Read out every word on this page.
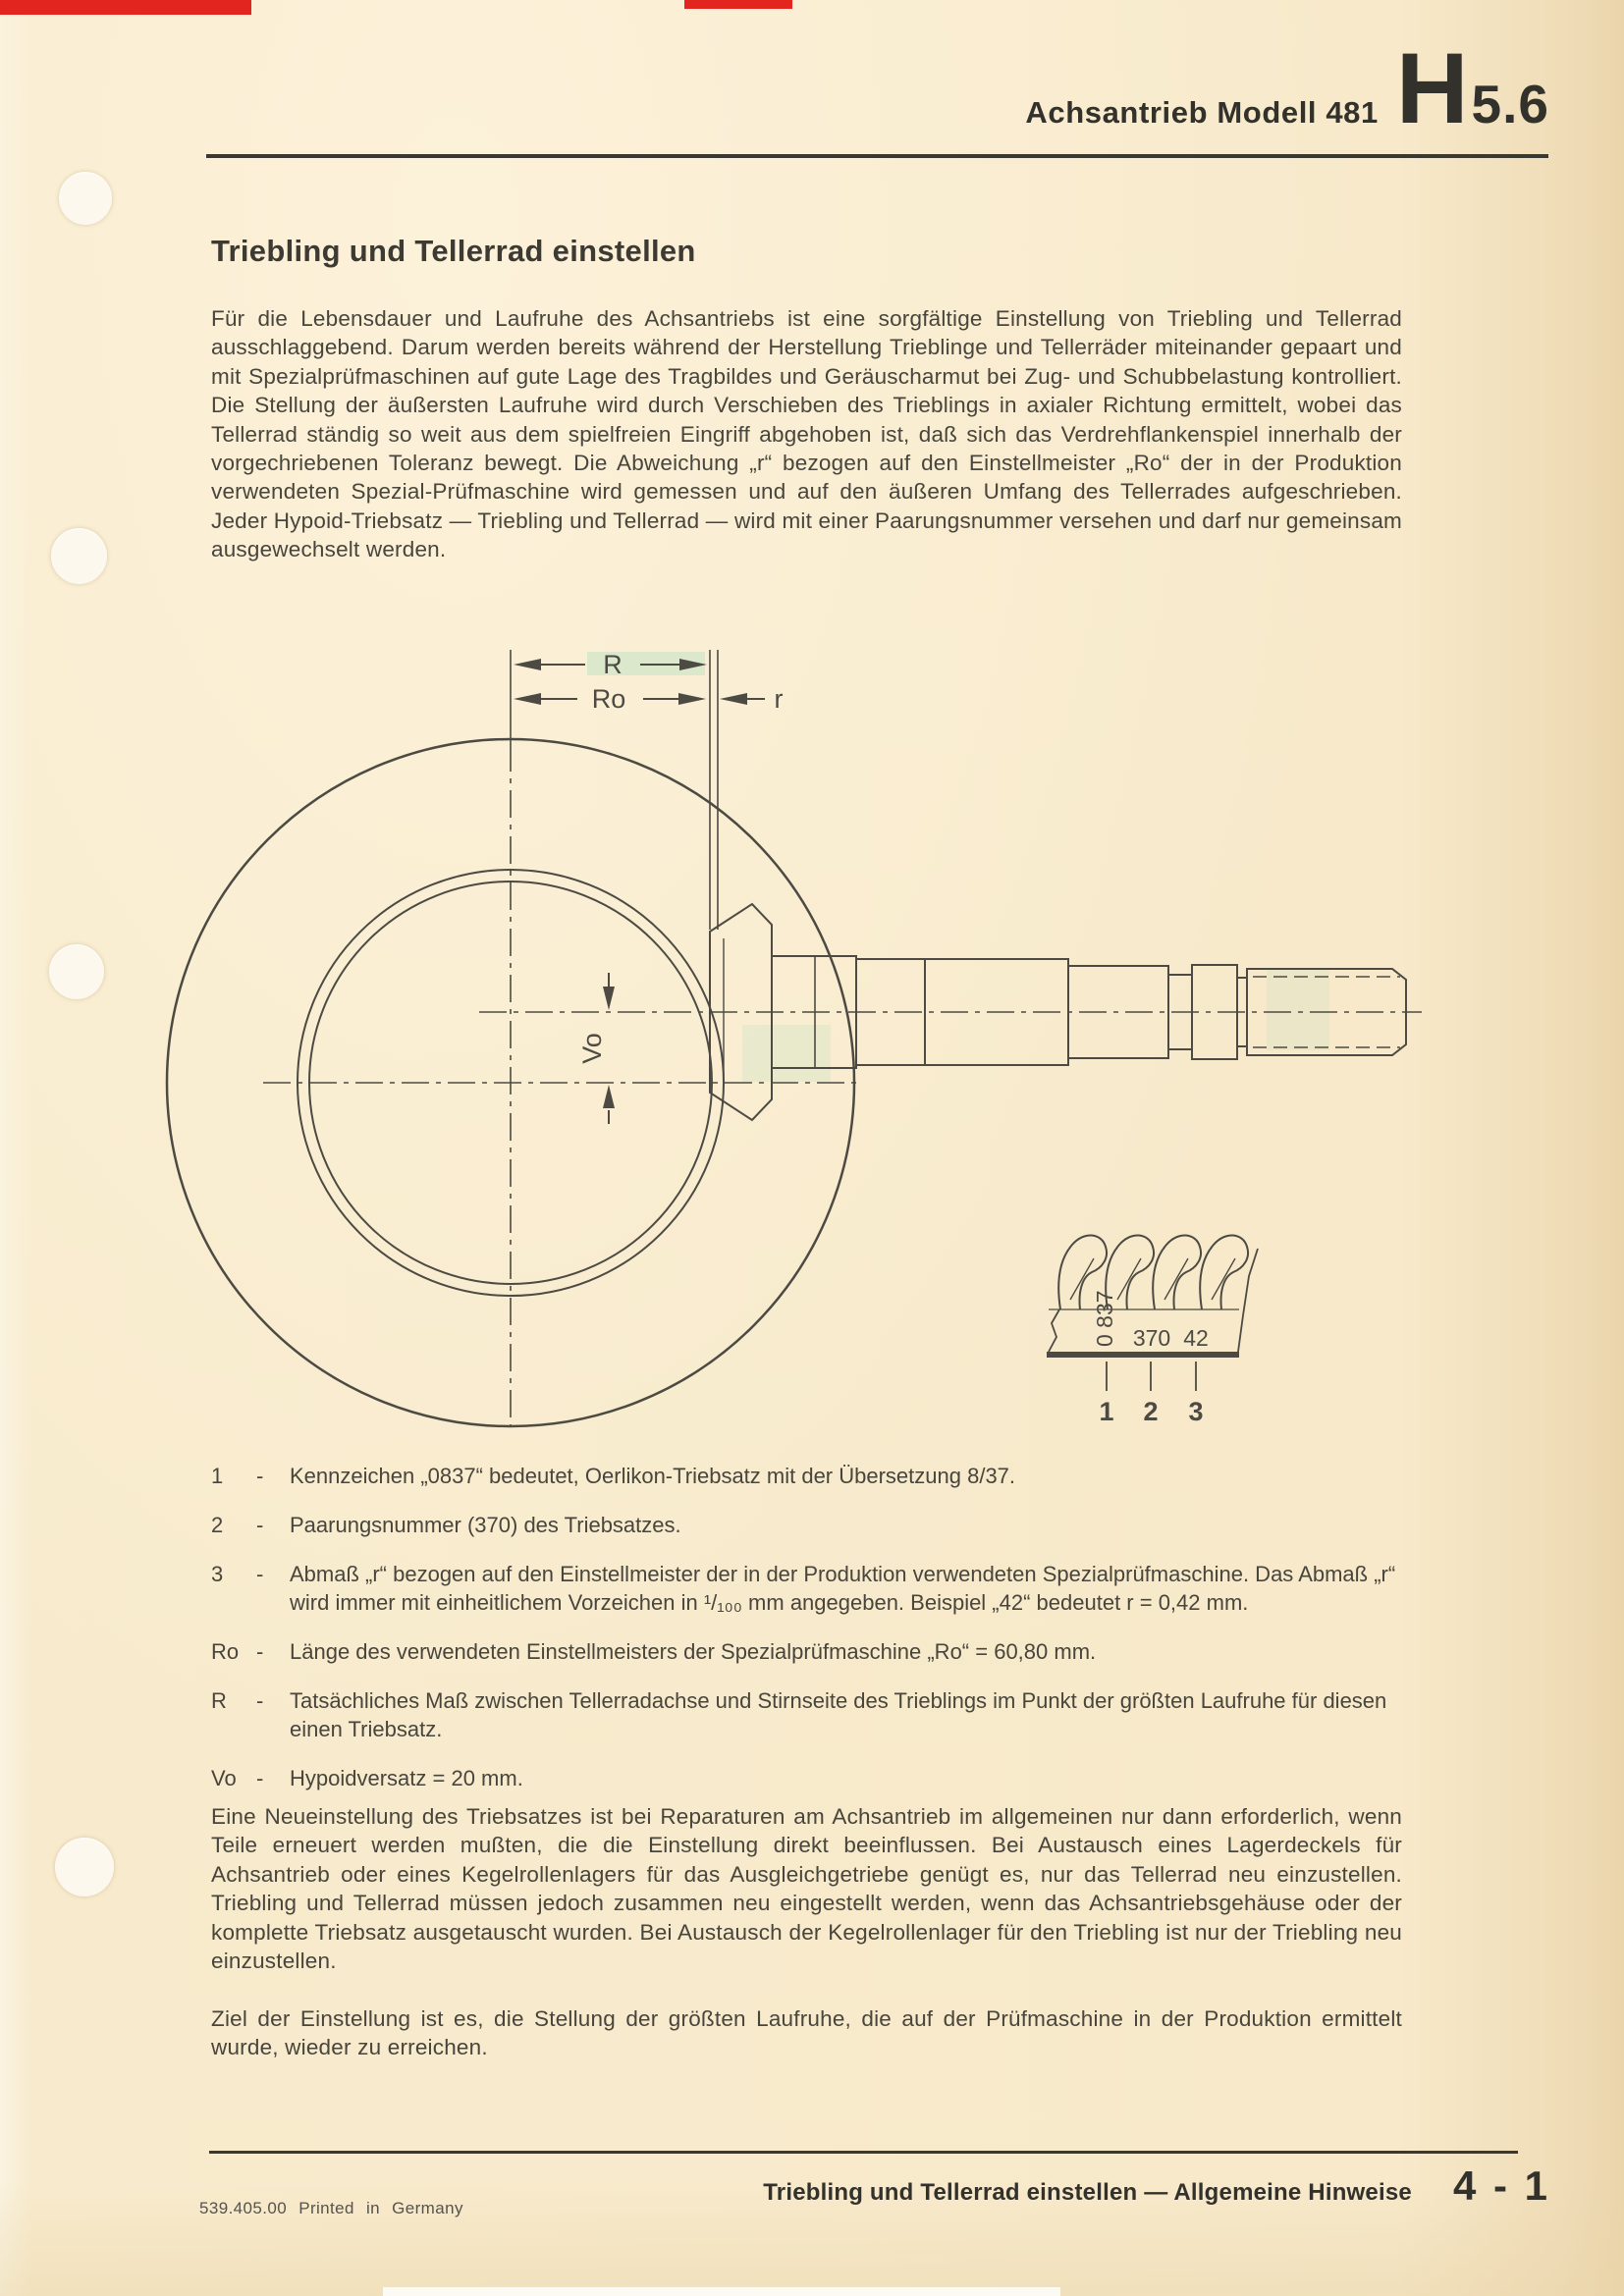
Achsantrieb Modell 481 H 5.6
Triebling und Tellerrad einstellen
Für die Lebensdauer und Laufruhe des Achsantriebs ist eine sorgfältige Einstellung von Triebling und Tellerrad ausschlaggebend. Darum werden bereits während der Herstellung Trieblinge und Tellerräder miteinander gepaart und mit Spezialprüfmaschinen auf gute Lage des Tragbildes und Geräuscharmut bei Zug- und Schubbelastung kontrolliert. Die Stellung der äußersten Laufruhe wird durch Verschieben des Trieblings in axialer Richtung ermittelt, wobei das Tellerrad ständig so weit aus dem spielfreien Eingriff abgehoben ist, daß sich das Verdrehflankenspiel innerhalb der vorgechriebenen Toleranz bewegt. Die Abweichung „r“ bezogen auf den Einstellmeister „Ro“ der in der Produktion verwendeten Spezial-Prüfmaschine wird gemessen und auf den äußeren Umfang des Tellerrades aufgeschrieben. Jeder Hypoid-Triebsatz — Triebling und Tellerrad — wird mit einer Paarungsnummer versehen und darf nur gemeinsam ausgewechselt werden.
R
Ro	r
Vo
0 837 370 42
1 2 3
1	-	Kennzeichen „0837“ bedeutet, Oerlikon-Triebsatz mit der Übersetzung 8/37.
2	-	Paarungsnummer (370) des Triebsatzes.
3	-	Abmaß „r“ bezogen auf den Einstellmeister der in der Produktion verwendeten Spezialprüfmaschine. Das Abmaß „r“ wird immer mit einheitlichem Vorzeichen in ¹/₁₀₀ mm angegeben. Beispiel „42“ bedeutet r = 0,42 mm.
Ro -	Länge des verwendeten Einstellmeisters der Spezialprüfmaschine „Ro“ = 60,80 mm.
R	-	Tatsächliches Maß zwischen Tellerradachse und Stirnseite des Trieblings im Punkt der größten Laufruhe für diesen einen Triebsatz.
Vo -	Hypoidversatz = 20 mm.
Eine Neueinstellung des Triebsatzes ist bei Reparaturen am Achsantrieb im allgemeinen nur dann erforderlich, wenn Teile erneuert werden mußten, die die Einstellung direkt beeinflussen. Bei Austausch eines Lagerdeckels für Achsantrieb oder eines Kegelrollenlagers für das Ausgleichgetriebe genügt es, nur das Tellerrad neu einzustellen. Triebling und Tellerrad müssen jedoch zusammen neu eingestellt werden, wenn das Achsantriebsgehäuse oder der komplette Triebsatz ausgetauscht wurden. Bei Austausch der Kegelrollenlager für den Triebling ist nur der Triebling neu einzustellen.
Ziel der Einstellung ist es, die Stellung der größten Laufruhe, die auf der Prüfmaschine in der Produktion ermittelt wurde, wieder zu erreichen.
Triebling und Tellerrad einstellen — Allgemeine Hinweise 4 - 1
539.405.00 Printed in Germany
